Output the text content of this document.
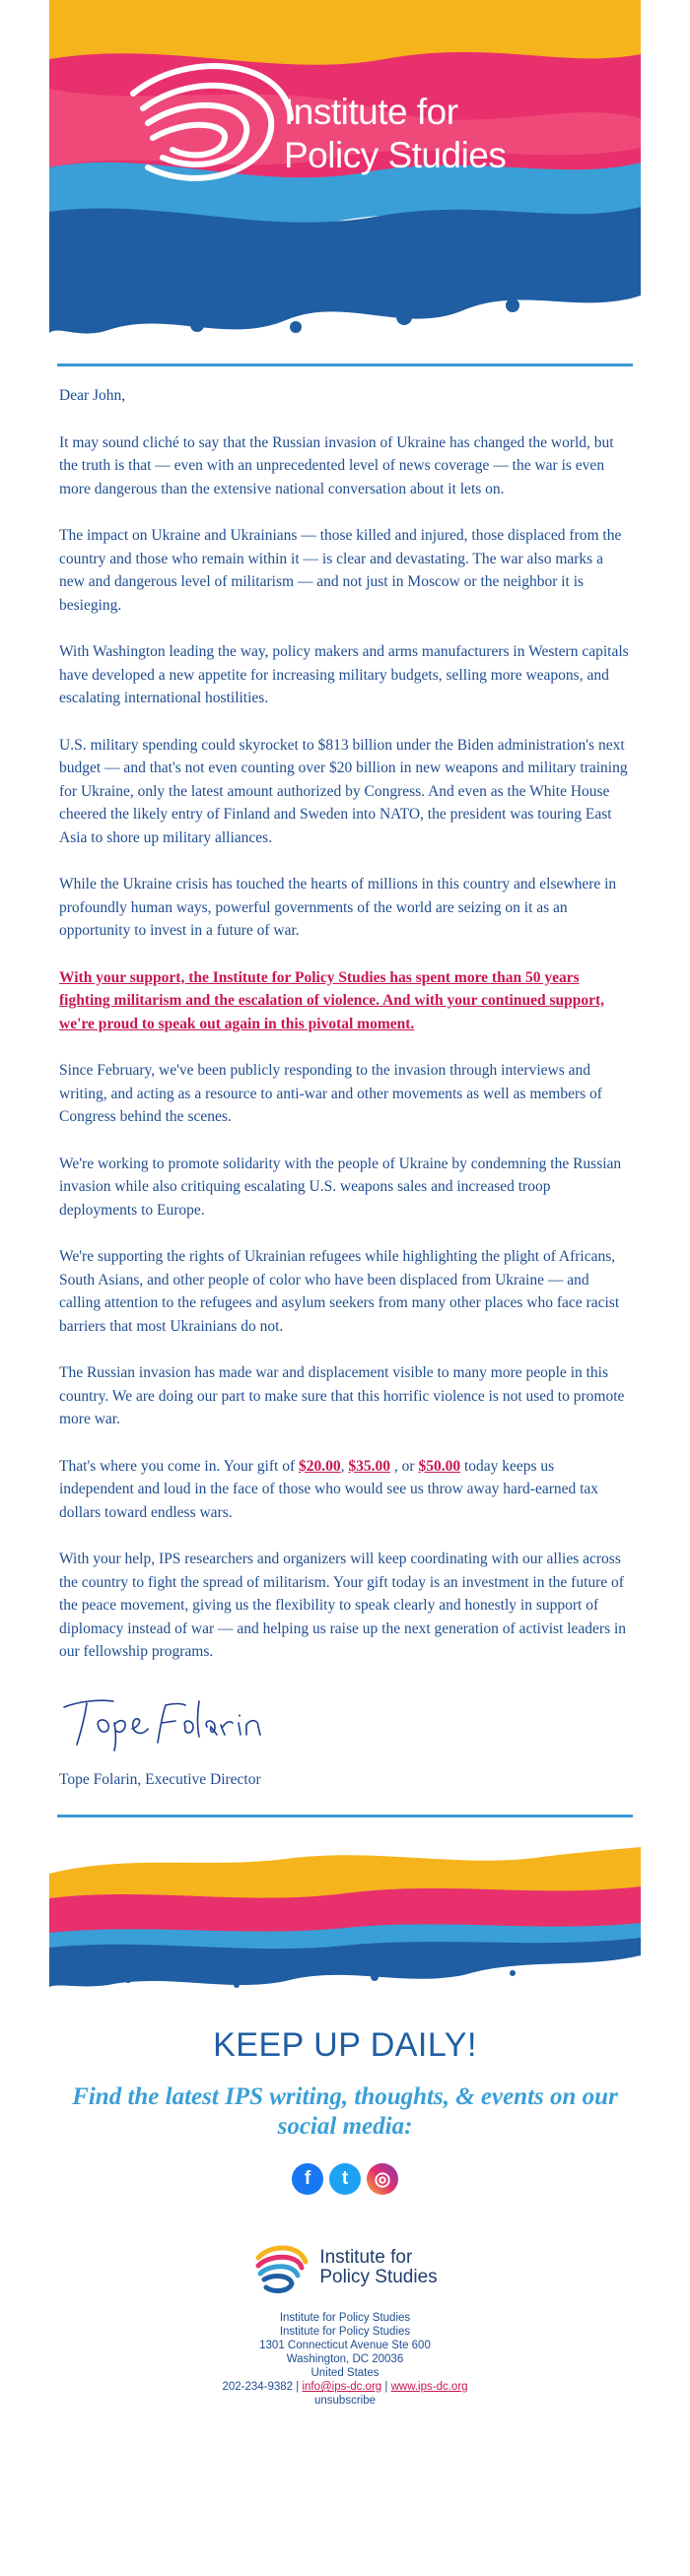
Institute for
Policy Studies

Dear John,

It may sound cliché to say that the Russian invasion of Ukraine has changed the world, but the truth is that — even with an unprecedented level of news coverage — the war is even more dangerous than the extensive national conversation about it lets on.

The impact on Ukraine and Ukrainians — those killed and injured, those displaced from the country and those who remain within it — is clear and devastating. The war also marks a new and dangerous level of militarism — and not just in Moscow or the neighbor it is besieging.

With Washington leading the way, policy makers and arms manufacturers in Western capitals have developed a new appetite for increasing military budgets, selling more weapons, and escalating international hostilities.

U.S. military spending could skyrocket to $813 billion under the Biden administration's next budget — and that's not even counting over $20 billion in new weapons and military training for Ukraine, only the latest amount authorized by Congress. And even as the White House cheered the likely entry of Finland and Sweden into NATO, the president was touring East Asia to shore up military alliances.

While the Ukraine crisis has touched the hearts of millions in this country and elsewhere in profoundly human ways, powerful governments of the world are seizing on it as an opportunity to invest in a future of war.

With your support, the Institute for Policy Studies has spent more than 50 years fighting militarism and the escalation of violence. And with your continued support, we're proud to speak out again in this pivotal moment.

Since February, we've been publicly responding to the invasion through interviews and writing, and acting as a resource to anti-war and other movements as well as members of Congress behind the scenes.

We're working to promote solidarity with the people of Ukraine by condemning the Russian invasion while also critiquing escalating U.S. weapons sales and increased troop deployments to Europe.

We're supporting the rights of Ukrainian refugees while highlighting the plight of Africans, South Asians, and other people of color who have been displaced from Ukraine — and calling attention to the refugees and asylum seekers from many other places who face racist barriers that most Ukrainians do not.

The Russian invasion has made war and displacement visible to many more people in this country. We are doing our part to make sure that this horrific violence is not used to promote more war.

That's where you come in. Your gift of $20.00, $35.00 , or $50.00 today keeps us independent and loud in the face of those who would see us throw away hard-earned tax dollars toward endless wars.

With your help, IPS researchers and organizers will keep coordinating with our allies across the country to fight the spread of militarism. Your gift today is an investment in the future of the peace movement, giving us the flexibility to speak clearly and honestly in support of diplomacy instead of war — and helping us raise up the next generation of activist leaders in our fellowship programs.

Tope Folarin, Executive Director

KEEP UP DAILY!
Find the latest IPS writing, thoughts, & events on our social media:
f	t	◎
Institute for
Policy Studies
Institute for Policy Studies
Institute for Policy Studies
1301 Connecticut Avenue Ste 600
Washington, DC 20036
United States
202-234-9382 | info@ips-dc.org | www.ips-dc.org
unsubscribe
